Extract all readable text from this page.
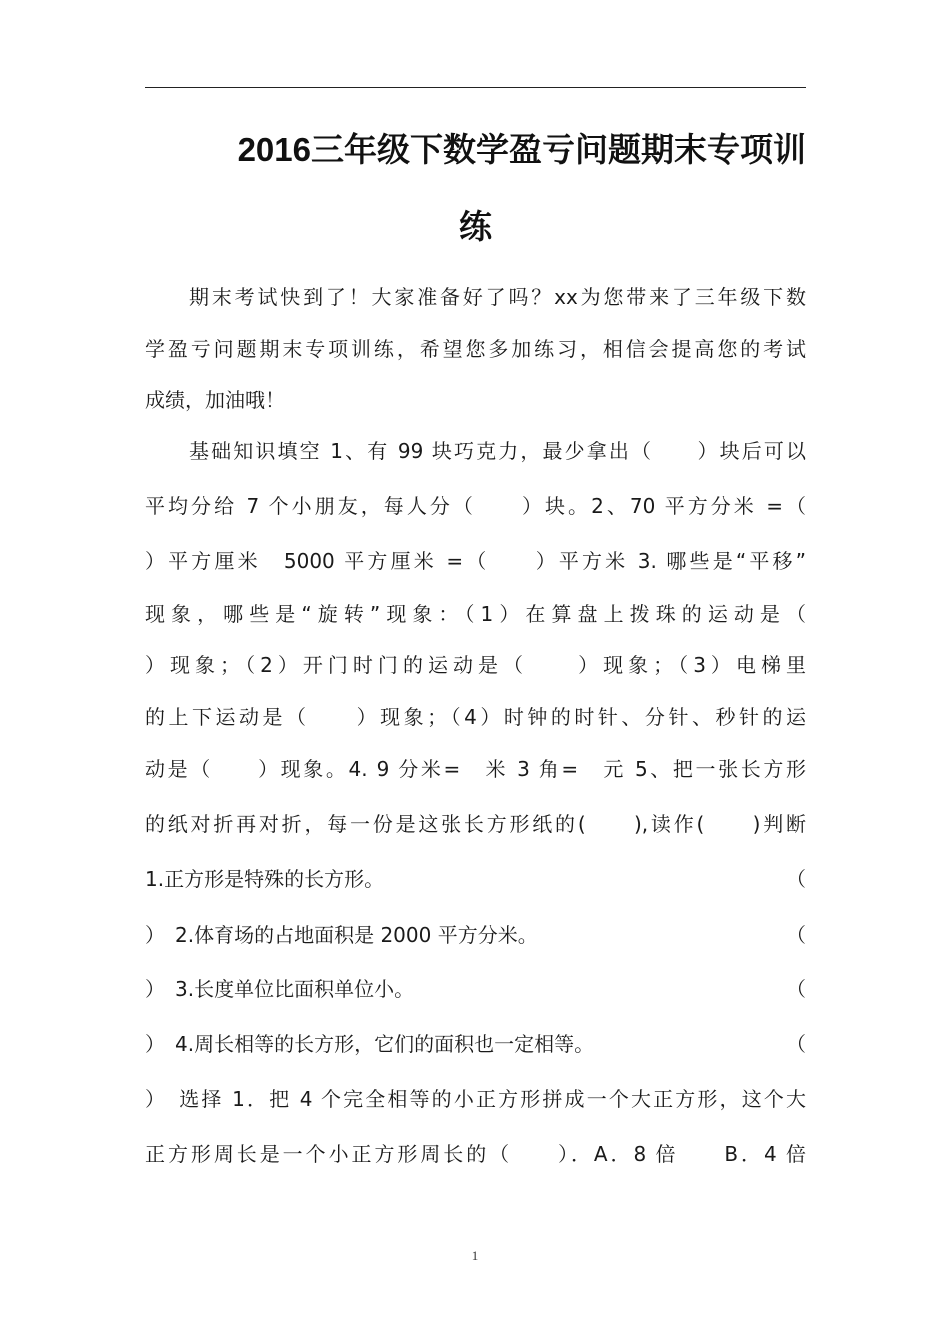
2016三年级下数学盈亏问题期末专项训
练
期末考试快到了！大家准备好了吗？xx为您带来了三年级下数
学盈亏问题期末专项训练，希望您多加练习，相信会提高您的考试
成绩，加油哦！
基础知识填空 1、有 99 块巧克力，最少拿出（　　）块后可以
平均分给 7 个小朋友，每人分（　　）块。2、70 平方分米 =（
）平方厘米　5000 平方厘米 =（　　）平方米 3. 哪些是“平移”
现象，哪些是“旋转”现象：（1）在算盘上拨珠的运动是（
）现象；（2）开门时门的运动是（　　）现象；（3）电梯里
的上下运动是（　　）现象；（4）时钟的时针、分针、秒针的运
动是（　　）现象。4. 9 分米=　米 3 角=　元 5、把一张长方形
的纸对折再对折，每一份是这张长方形纸的(　　),读作(　　)判断
1.正方形是特殊的长方形。	（
）　2.体育场的占地面积是 2000 平方分米。	（
）　3.长度单位比面积单位小。	（
）　4.周长相等的长方形，它们的面积也一定相等。	（
）　选择 1．把 4 个完全相等的小正方形拼成一个大正方形，这个大
正方形周长是一个小正方形周长的（　　）．A．8 倍　　B．4 倍
1
